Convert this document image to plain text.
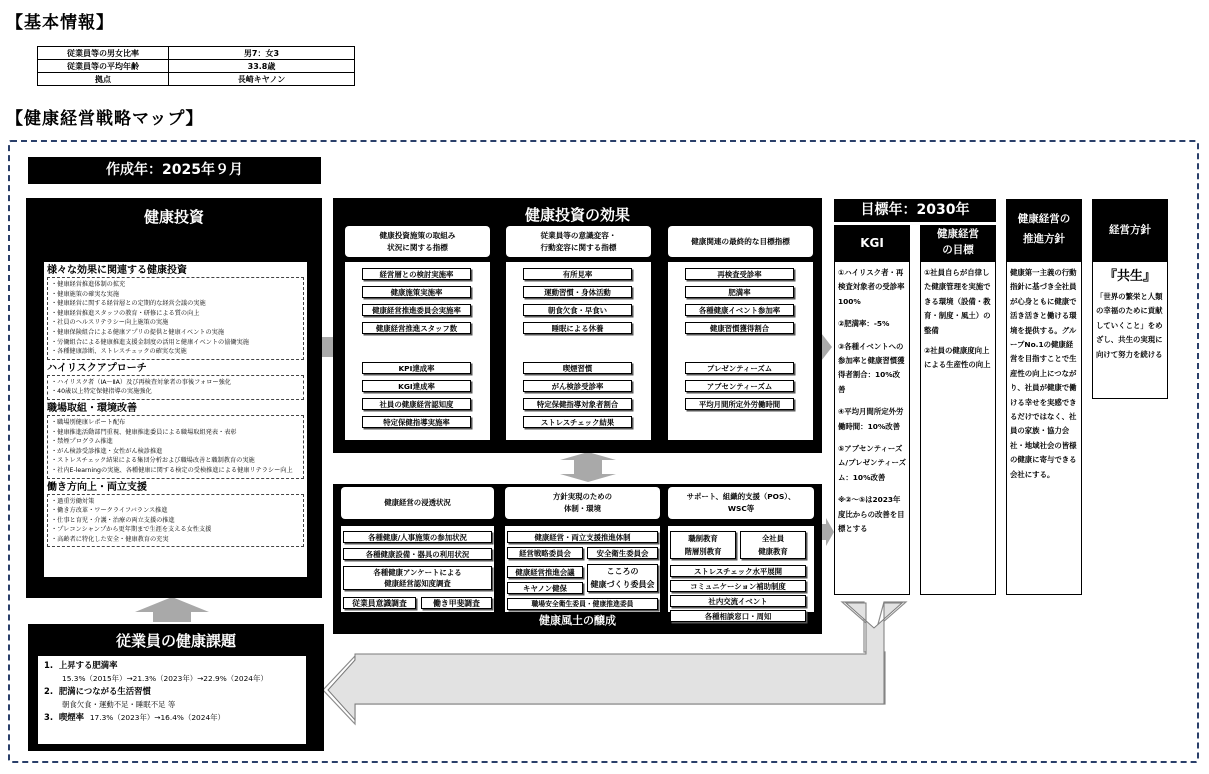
【基本情報】
従業員等の男女比率	男7：女3
従業員等の平均年齢	33.8歳
拠点	長崎キヤノン
【健康経営戦略マップ】
作成年：2025年９月
健康投資
様々な効果に関連する健康投資
・健康経営推進体制の拡充
・健康施策の確実な実施
・健康経営に関する経営層との定期的な経営会議の実施
・健康経営推進スタッフの教育・研修による質の向上
・社員のヘルスリテラシー向上施策の実施
・健康保険組合による健康アプリの提供と健康イベントの実施
・労働組合による健康推進支援金制度の活用と健康イベントの協働実施
・各種健康診断、ストレスチェックの確実な実施
ハイリスクアプローチ
・ハイリスク者（ⅠA～ⅡA）及び再検査対象者の事後フォロー強化
・40歳以上特定保健指導の実施強化
職場取組・環境改善
・職場別健康レポート配布
・健康推進活動部門重視、健康推進委員による職場取組発表・表彰
・禁煙プログラム推進
・がん検診受診推進・女性がん検診推進
・ストレスチェック結果による集団分析および職場改善と職制教育の実施
・社内E-learningの実施、各種健康に関する検定の受検推進による健康リテラシー向上
働き方向上・両立支援
・過重労働対策
・働き方改革・ワークライフバランス推進
・仕事と育児・介護・治療の両立支援の推進
・プレコンシャンプから更年期まで生涯を支える女性支援
・高齢者に特化した安全・健康教育の充実
従業員の健康課題
1. 上昇する肥満率
15.3%（2015年）→21.3%（2023年）→22.9%（2024年）
2. 肥満につながる生活習慣
朝食欠食・運動不足・睡眠不足 等
3. 喫煙率 17.3%（2023年）→16.4%（2024年）
健康投資の効果
健康投資施策の取組み
状況に関する指標
経営層との検討実施率
健康施策実施率
健康経営推進委員会実施率
健康経営推進スタッフ数
KPI達成率
KGI達成率
社員の健康経営認知度
特定保健指導実施率
従業員等の意識変容・
行動変容に関する指標
有所見率
運動習慣・身体活動
朝食欠食・早食い
睡眠による休養
喫煙習慣
がん検診受診率
特定保健指導対象者割合
ストレスチェック結果
健康関連の最終的な目標指標
再検査受診率
肥満率
各種健康イベント参加率
健康習慣獲得割合
プレゼンティーズム
アブセンティーズム
平均月間所定外労働時間
健康風土の醸成
健康経営の浸透状況
方針実現のための
体制・環境
サポート、組織的支援（POS）、
WSC等
各種健康/人事施策の参加状況
各種健康設備・器具の利用状況
各種健康アンケートによる
健康経営認知度調査
従業員意識調査	働き甲斐調査
健康経営・両立支援推進体制
経営戦略委員会	安全衛生委員会
健康経営推進会議
キヤノン健保
こころの
健康づくり委員会
職場安全衛生委員・健康推進委員
職制教育
階層別教育
全社員
健康教育
ストレスチェック水平展開
コミュニケーション補助制度
社内交流イベント
各種相談窓口・周知
目標年：2030年
KGI
①ハイリスク者・再検査対象者の受診率100%
②肥満率：-5%
③各種イベントへの参加率と健康習慣獲得者割合：10%改善
④平均月間所定外労働時間：10%改善
⑤アブセンティーズム/プレゼンティーズム：10%改善
※②～⑤は2023年度比からの改善を目標とする
健康経営
の目標
①社員自らが自律した健康管理を実施できる環境（設備・教育・制度・風土）の整備
②社員の健康度向上による生産性の向上
健康経営の
推進方針
健康第一主義の行動指針に基づき全社員が心身ともに健康で活き活きと働ける環境を提供する。グループNo.1の健康経営を目指すことで生産性の向上につながり、社員が健康で働ける幸せを実感できるだけではなく、社員の家族・協力会社・地域社会の皆様の健康に寄与できる会社にする。
経営方針
『共生』
「世界の繁栄と人類の幸福のために貢献していくこと」をめざし、共生の実現に向けて努力を続ける
